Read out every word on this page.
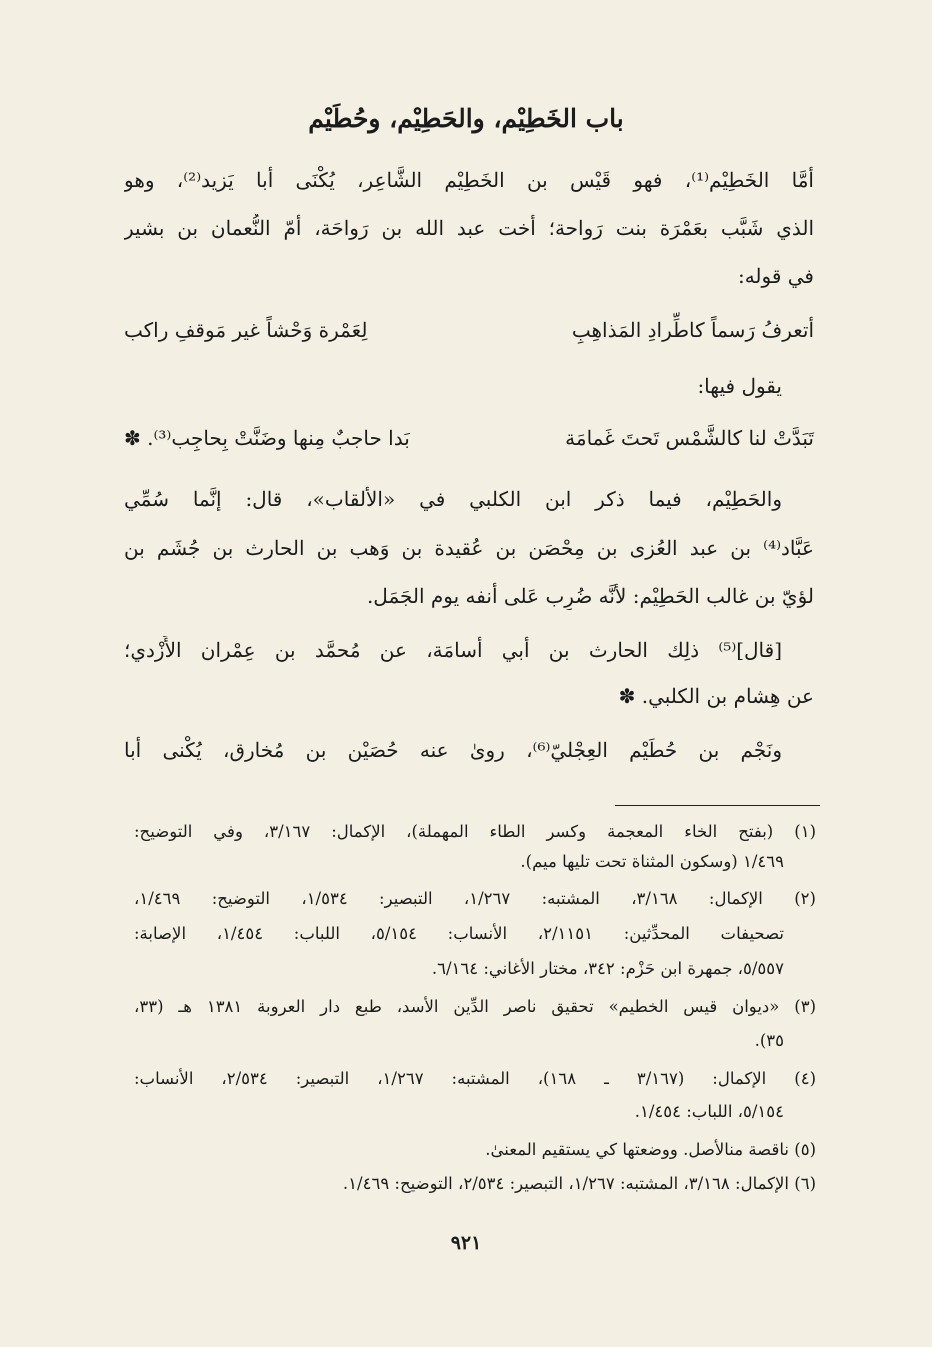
باب الخَطِيْم، والحَطِيْم، وحُطَيْم
أمَّا الخَطِيْم⁽¹⁾، فهو قَيْس بن الخَطِيْم الشَّاعِر، يُكْنَى أبا يَزيد⁽²⁾، وهو
الذي شَبَّب بعَمْرَة بنت رَواحة؛ أخت عبد الله بن رَواحَة، أمّ النُّعمان بن بشير
في قوله:
أتعرفُ رَسماً كاطِّرادِ المَذاهِبِ
لِعَمْرة وَحْشاً غير مَوقفِ راكب
يقول فيها:
تَبَدَّتْ لنا كالشَّمْس تَحتَ غَمامَة
بَدا حاجبٌ مِنها وضَنَّتْ بِحاجِب⁽³⁾. ✽
والحَطِيْم، فيما ذكر ابن الكلبي في «الألقاب»، قال: إنَّما سُمِّي
عَبَّاد⁽⁴⁾ بن عبد العُزى بن مِحْصَن بن عُقيدة بن وَهب بن الحارث بن جُشَم بن
لؤيّ بن غالب الحَطِيْم: لأنَّه ضُرِب عَلى أنفه يوم الجَمَل.
[قال]⁽⁵⁾ ذلِك الحارث بن أبي أُسامَة، عن مُحمَّد بن عِمْران الأَزْدي؛
عن هِشام بن الكلبي. ✽
ونَجْم بن حُطَيْم العِجْليّ⁽⁶⁾، روىٰ عنه حُصَيْن بن مُخارق، يُكْنى أبا
(١) (بفتح الخاء المعجمة وكسر الطاء المهملة)، الإكمال: ٣/١٦٧، وفي التوضيح:
١/٤٦٩ (وسكون المثناة تحت تليها ميم).
(٢) الإكمال: ٣/١٦٨، المشتبه: ١/٢٦٧، التبصير: ١/٥٣٤، التوضيح: ١/٤٦٩،
تصحيفات المحدِّثين: ٢/١١٥١، الأنساب: ٥/١٥٤، اللباب: ١/٤٥٤، الإصابة:
٥/٥٥٧، جمهرة ابن حَزْم: ٣٤٢، مختار الأغاني: ٦/١٦٤.
(٣) «ديوان قيس الخطيم» تحقيق ناصر الدِّين الأسد، طبع دار العروبة ١٣٨١ هـ (٣٣،
٣٥).
(٤) الإكمال: (٣/١٦٧ ـ ١٦٨)، المشتبه: ١/٢٦٧، التبصير: ٢/٥٣٤، الأنساب:
٥/١٥٤، اللباب: ١/٤٥٤.
(٥) ناقصة منالأصل. ووضعتها كي يستقيم المعنىٰ.
(٦) الإكمال: ٣/١٦٨، المشتبه: ١/٢٦٧، التبصير: ٢/٥٣٤، التوضيح: ١/٤٦٩.
٩٢١
